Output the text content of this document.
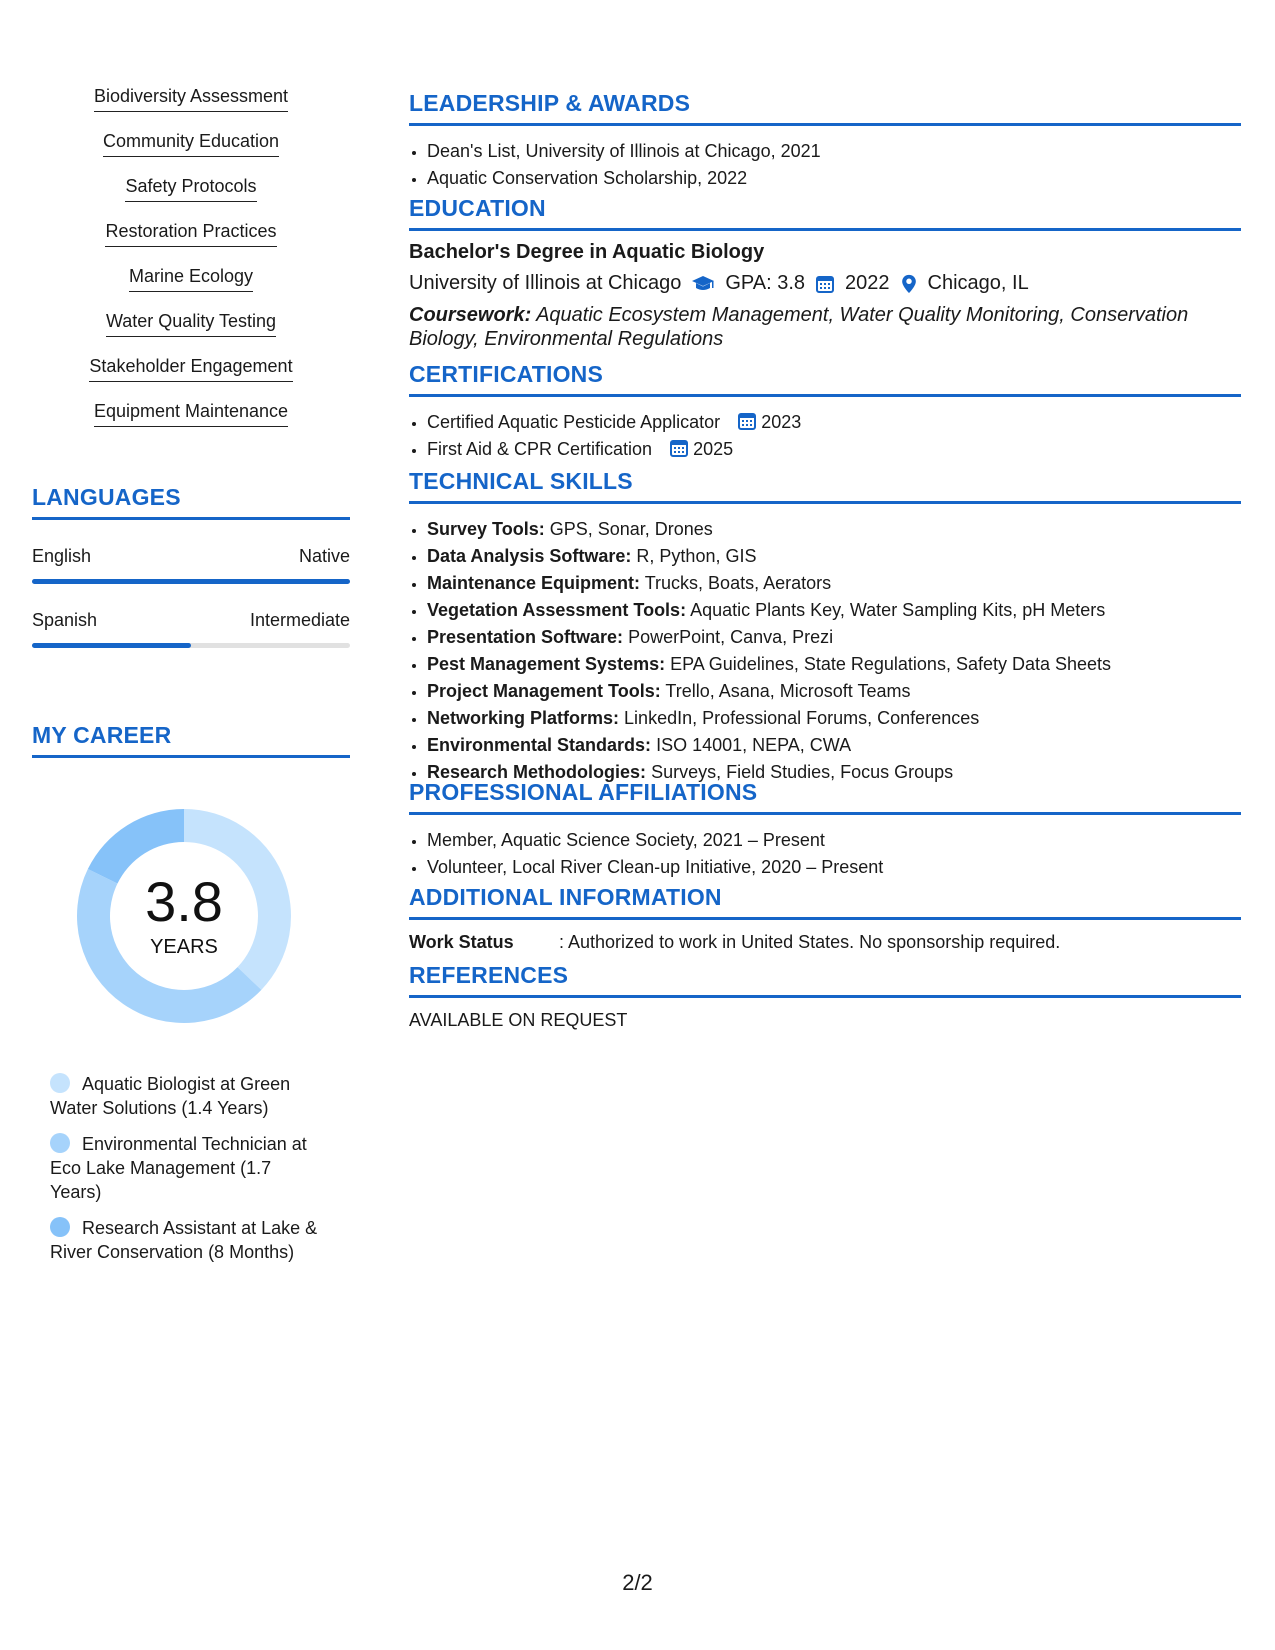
Biodiversity Assessment
Community Education
Safety Protocols
Restoration Practices
Marine Ecology
Water Quality Testing
Stakeholder Engagement
Equipment Maintenance
LANGUAGES
English	Native
Spanish	Intermediate
MY CAREER
3.8
YEARS
Aquatic Biologist at Green Water Solutions (1.4 Years)
Environmental Technician at Eco Lake Management (1.7 Years)
Research Assistant at Lake & River Conservation (8 Months)
LEADERSHIP & AWARDS
• Dean's List, University of Illinois at Chicago, 2021
• Aquatic Conservation Scholarship, 2022
EDUCATION
Bachelor's Degree in Aquatic Biology
University of Illinois at Chicago GPA: 3.8 2022 Chicago, IL
Coursework: Aquatic Ecosystem Management, Water Quality Monitoring, Conservation Biology, Environmental Regulations
CERTIFICATIONS
• Certified Aquatic Pesticide Applicator 2023
• First Aid & CPR Certification 2025
TECHNICAL SKILLS
• Survey Tools: GPS, Sonar, Drones
• Data Analysis Software: R, Python, GIS
• Maintenance Equipment: Trucks, Boats, Aerators
• Vegetation Assessment Tools: Aquatic Plants Key, Water Sampling Kits, pH Meters
• Presentation Software: PowerPoint, Canva, Prezi
• Pest Management Systems: EPA Guidelines, State Regulations, Safety Data Sheets
• Project Management Tools: Trello, Asana, Microsoft Teams
• Networking Platforms: LinkedIn, Professional Forums, Conferences
• Environmental Standards: ISO 14001, NEPA, CWA
• Research Methodologies: Surveys, Field Studies, Focus Groups
PROFESSIONAL AFFILIATIONS
• Member, Aquatic Science Society, 2021 – Present
• Volunteer, Local River Clean-up Initiative, 2020 – Present
ADDITIONAL INFORMATION
Work Status	: Authorized to work in United States. No sponsorship required.
REFERENCES
AVAILABLE ON REQUEST
2/2
